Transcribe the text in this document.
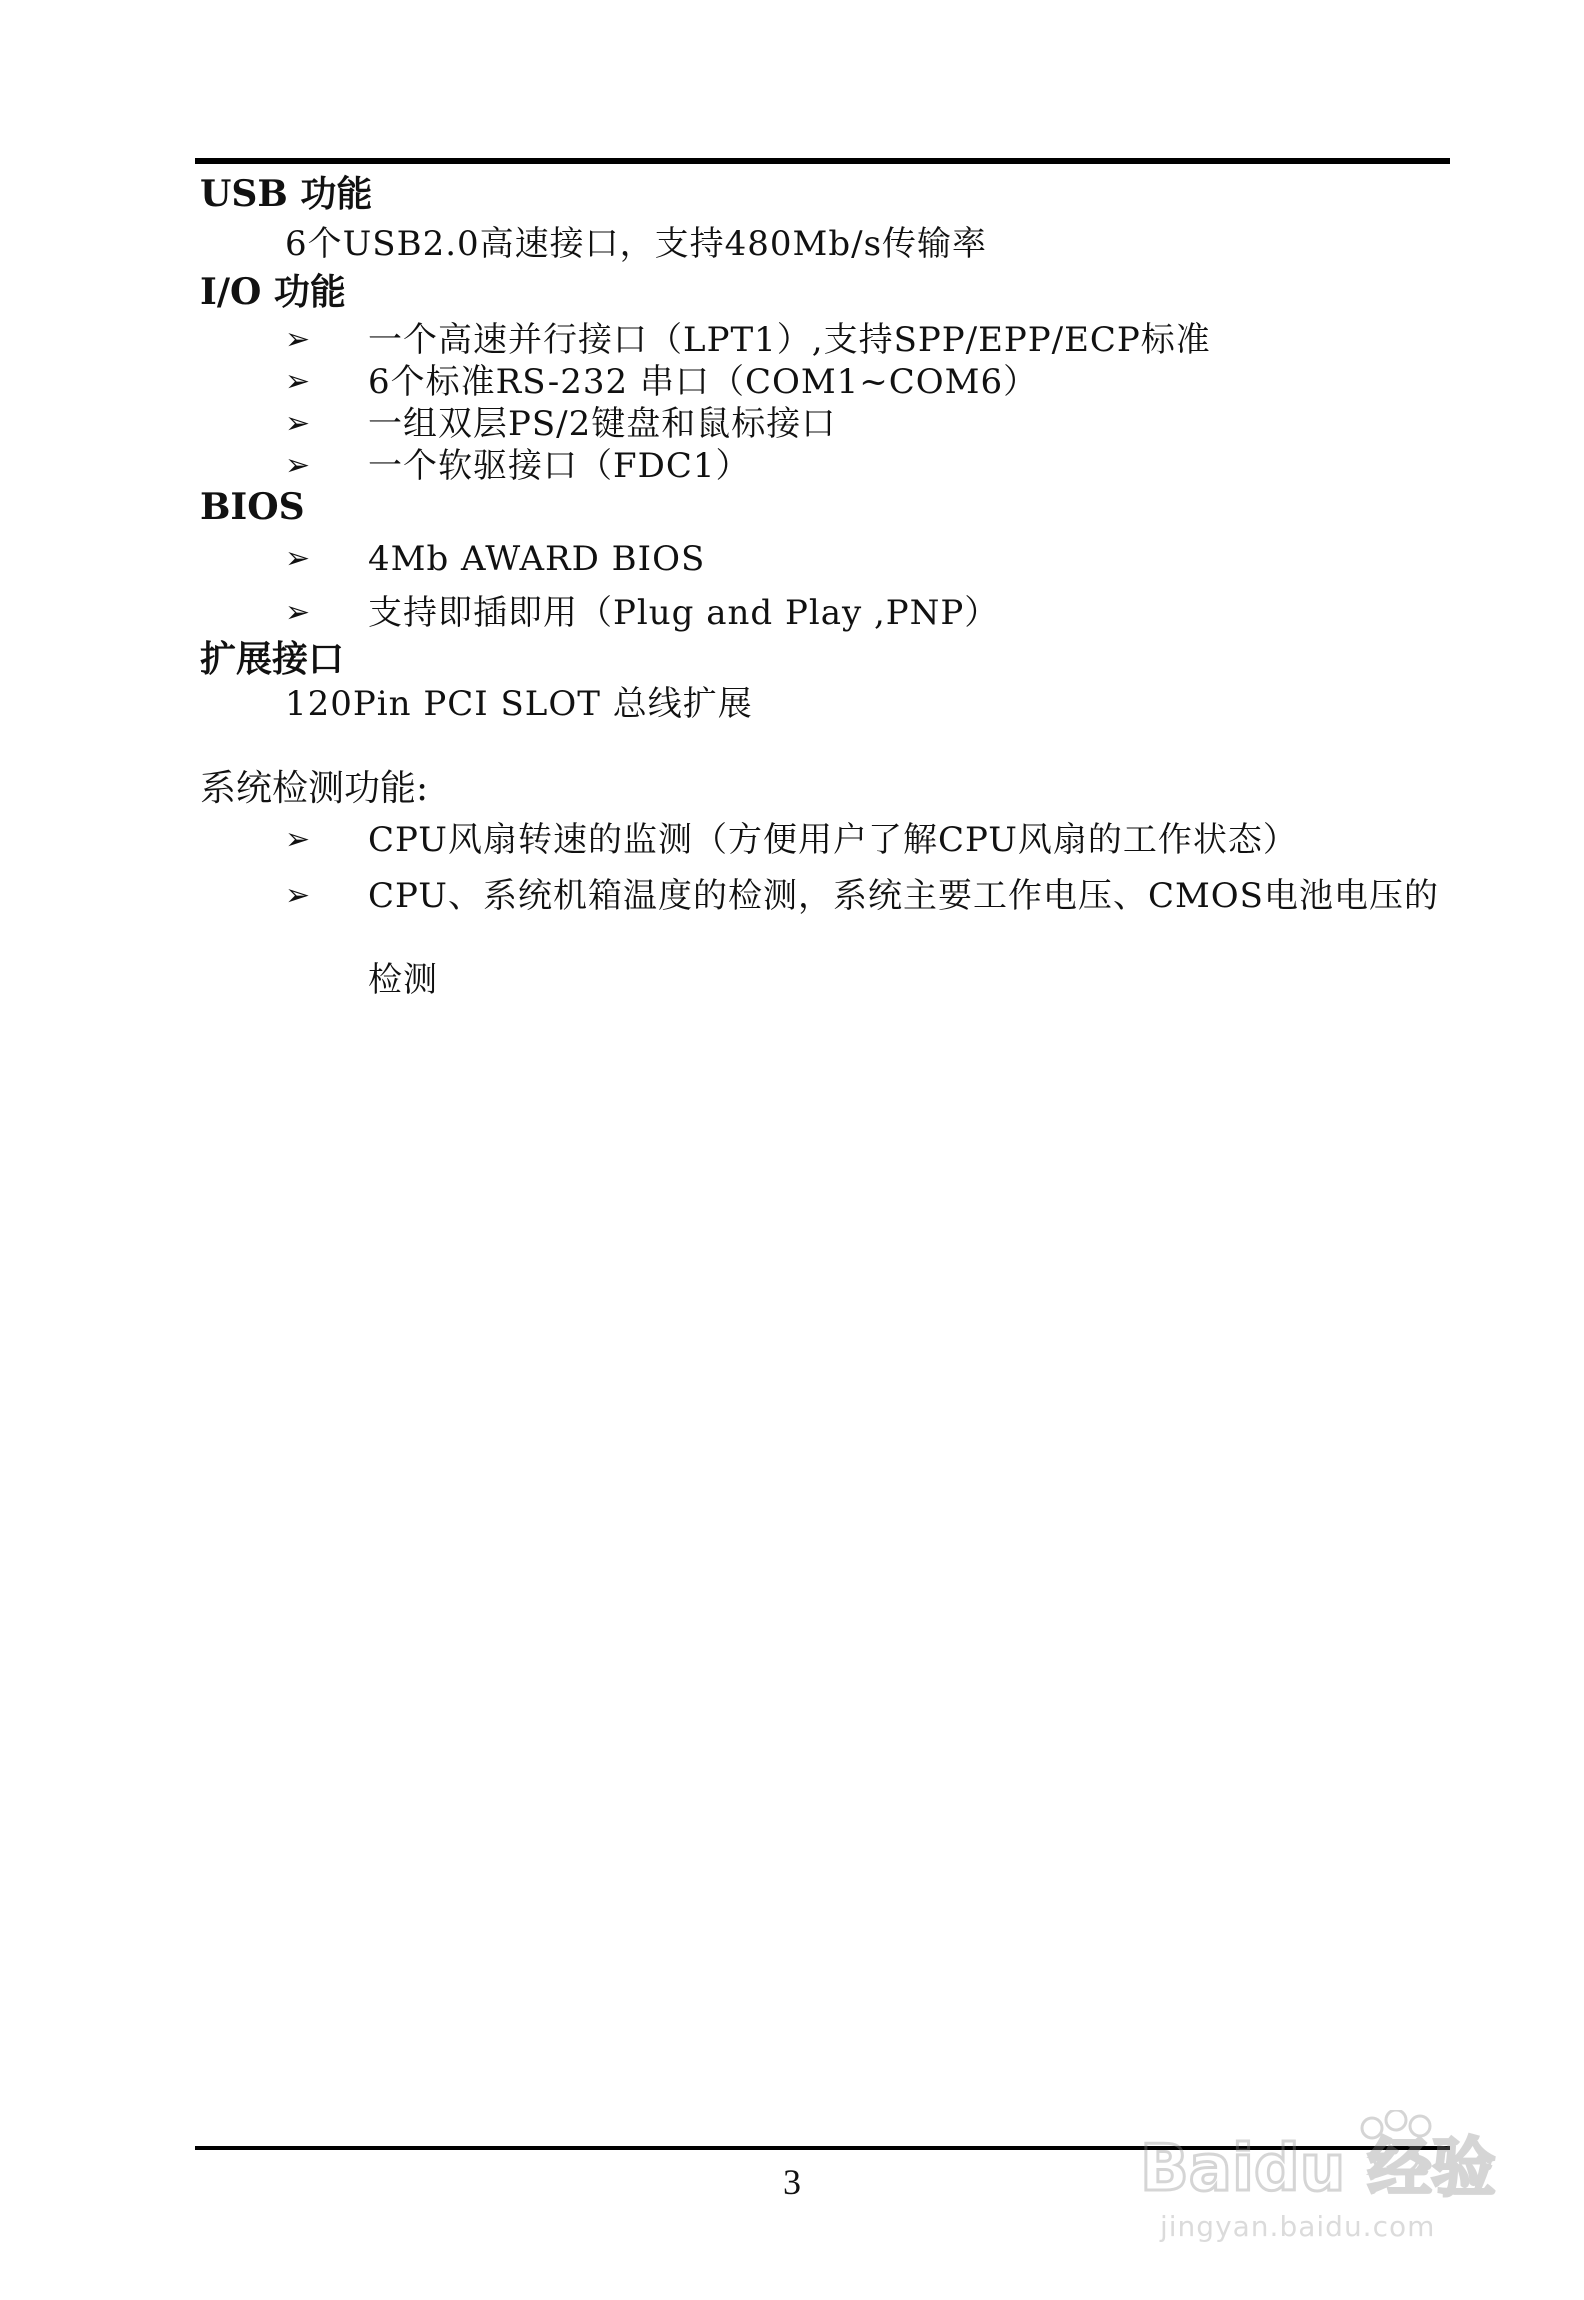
USB 功能

6个USB2.0高速接口，支持480Mb/s传输率

I/O 功能
➢ 一个高速并行接口（LPT1）,支持SPP/EPP/ECP标准
➢ 6个标准RS-232 串口（COM1~COM6）
➢ 一组双层PS/2键盘和鼠标接口
➢ 一个软驱接口（FDC1）
BIOS
➢ 4Mb AWARD BIOS
➢ 支持即插即用（Plug and Play ,PNP）
扩展接口

120Pin PCI SLOT 总线扩展

系统检测功能:
➢ CPU风扇转速的监测（方便用户了解CPU风扇的工作状态）
➢ CPU、系统机箱温度的检测，系统主要工作电压、CMOS电池电压的检测
3	Baidu 经验
jingyan.baidu.com
